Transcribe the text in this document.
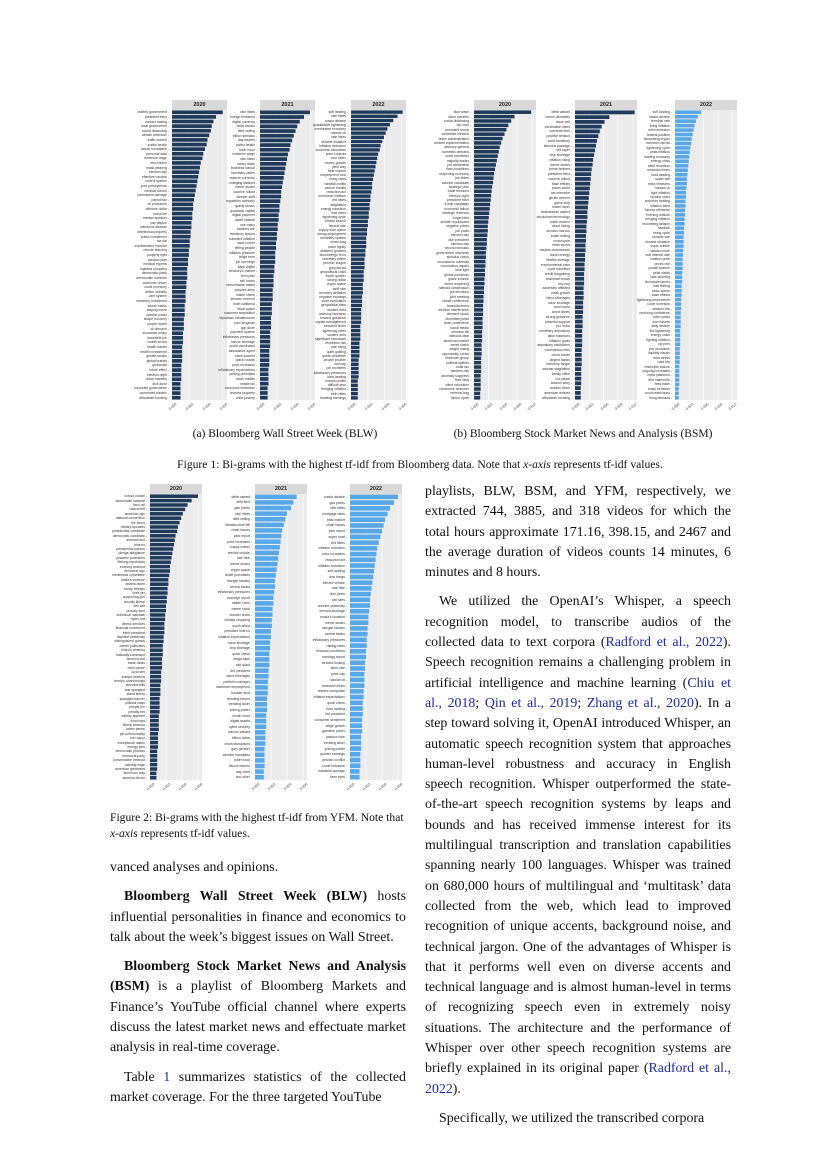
2020
drafted government -
president elect -
contact tracing -
local government -
social distancing -
african american -
traffic control -
public health -
virtual roundtable -
personal data -
minimum wage -
elect biden -
mask wearing -
election day -
effective vaccine -
control system -
york presbyterian -
medical school -
permanent damage -
payroll tax -
oil producers -
offshore dollar -
mona lee -
median speaker -
pay dayton -
infectious disease -
intellectual property -
public investment -
tax rial -
sophisticated investor -
remote learning -
property right -
pension plan -
medical experts -
logistics company -
democratic party -
democratic nominee -
customer driven -
covid economy -
airline industry -
care system -
cemetery monument -
sewer marks -
staying home -
special power -
shape recovery -
purple model -
oil demand -
insurance policy -
incredible job -
health sector -
health issues -
health investment -
growth stocks -
global brands -
global aid -
future effect -
election night -
dollar markets -
dick dunn -
corporate governance -
connected electric -
affordable housing -
0.000 0.002 0.004 0.006
2021
rate hikes -
foreign investors -
digital currency -
delta variant -
debt ceiling -
trillion stimulus -
day traders -
public health -
robin hood -
minimum wage -
rate hikes -
nancy davis -
business school -
secretary yellen -
reserve currency -
charging stations -
meme stocks -
vaccine rollout -
sleeper staff -
regulatory authority -
quality stocks -
quadratic capital -
digital payment -
david baskett -
use many -
bankers are -
transitory factors -
transient inflation -
save corner -
letting people -
inflation pressure -
ledge term -
job openings -
bank digital -
treasury's market -
term plan -
sell books -
ransomware attack -
peoples army -
maine check -
lehman moment -
hotel california -
fiscal space -
customer acquisition -
bipartisan infrastructure -
paul krugman -
app store -
payment system -
inflationary pressures -
labour shortage -
world vaccinated -
associative agent -
rates scarred -
quick rounds -
price increases -
inflationary expectations -
putting principles -
stock middle -
estate tax -
economic meltdown -
chinese property -
child poverty -
0.000 0.002 0.004 0.006
2022
soft landing -
rate hikes -
russia ukraine -
quantitative tightening -
overheated economy -
russian oil -
rate hikes -
ukraine situation -
inflation reduction -
economic slowdown -
price controls -
cost index -
money growth -
yield way -
bear market -
employment cost -
rising rates -
windfall profits -
carbon credits -
reduction act -
overcome inflation -
fed hikes -
stagflation -
energy transition -
hike rates -
tightening cycle -
ethical search -
neutral rate -
supply side option -
strong employment -
monetary system -
mixed bag -
lower tightly -
dividend growers -
bloomberg's ferro -
secretary yellen -
premier league -
greg farrow -
geopolitical crisis -
fourth quarter -
strong dollar -
crypto space -
tariff rate -
recovery deflation -
negative earnings -
chair inculcation -
geopolitical risks -
student debt -
advisory business -
forward guidance -
capital management -
turbulent times -
tightening rates -
student debt -
significant slowdown -
recession risk -
rate rising -
quiet quitting -
queen elizabeth -
people provide -
mid cap -
job moments -
inflationary pressures -
hard landing -
excess profits -
difficult year -
bringing inflation -
birth rates -
banking earnings -
0.000 0.002 0.004 0.006
2020
blue wave -
labor markets -
social distancing -
top card -
president trump -
contested election -
biden administration -
content implementation -
attorney general -
domestic demand -
covid pandemic -
majority leader -
joe weisenthal -
flash headlines -
reopening economy -
joe biden -
vaccine candidate -
strategic plan -
trade tensions -
election night -
president elect -
trump campaign -
economic fallout -
strategic reserves -
forget bets -
senate republicans -
negative prices -
job posts -
election day -
vice president -
election day -
second stimulus -
government response -
stimulus check -
coronavirus outbreak -
coronavirus impact -
blue light -
global pandemic -
grace trounce -
street reopening -
railroad commission -
pre elections -
joint meeting -
virtual conference -
financial terms -
election interference -
demand shock -
bloomberg lead -
chair conference -
social media -
stimulus bill -
stimulus deal -
american market -
smart check -
weight losing -
opportunity zones -
mailroom group -
political system -
solar tax -
bankers risk -
anomaly suppress -
floor deal -
silent resolution -
commerce chamber -
retrieval bag -
labour cycle -
0.000 0.003 0.006 0.009 0.012
2021
delta variant -
mmes ultimately -
issue cell -
vaccination rates -
overdraft fees -
positive tension -
word transitory -
stimulus package -
fed taper -
chip shortage -
inflation rising -
meme stocks -
prime brokers -
president elect -
vaccine rollout -
base effects -
prices world -
tax intensive -
gentle women -
game stop -
trader taper -
chairwoman waters -
blockchain technology -
black women -
direct listing -
senator marcus -
smart selling -
motorcycle -
retail sector -
median chairwoman -
travel energy -
flexible average -
environmental risks -
cycle transition -
credit bargaining -
chairman brown -
buy boy -
adversely affected -
peak growth -
labor shortages -
labor shortage -
wind move -
worst series -
strong guidance -
powerful support -
pro mora -
monetary depository -
labor balances -
inflation goals -
depository institutions -
commission fees -
china bonds -
largest banks -
inventory tangle -
secular stagnation -
family office -
cut pause -
auction story -
auction block -
american airlines -
affordable housing -
0.000 0.003 0.006 0.009 0.012
2022
soft landing -
russia ukraine -
terminal rate -
bring inflation -
mild recession -
federal position -
bloomberg crypto -
overshot narrow -
tightening cycle -
peak inflation -
leading economy -
energy crisis -
steel reduction -
recession fears -
hard landing -
super bell -
extra networks -
russian oil -
tight inflation -
ukraine crisis -
southern landing -
inflation fixed -
futures refinance -
evening outlook -
bringing inflation -
bloomberg tailspin -
hawkish -
rising cycle -
ukraine war -
ukraine situation -
super bubble -
russian crude -
real interest rate -
rotation price -
prices rise -
powell speech -
peak yields -
task aborting -
fed basket terms -
bad feeling -
sinks above -
base effects -
tightening instruments -
curve inversion -
session low -
restoring confidence -
nike cycles -
dow futures -
daily decline -
fed tightening -
energy costs -
fighting inflation -
cpi print -
yoy announce -
liquidity issues -
fund stress -
road trip -
restrictive stance -
ongoing increases -
meta platforms -
flea mammoth -
feed trade -
crazy behavior -
covid restrictions -
bring demand -
0.000 0.003 0.006 0.009 0.012
(a) Bloomberg Wall Street Week (BLW)	(b) Bloomberg Stock Market News and Analysis (BSM)
Figure 1: Bi-grams with the highest tf-idf from Bloomberg data. Note that x-axis represents tf-idf values.
2020
school choice -
democratic national -
fact-i-ell -
radical left -
american dgc -
national convention -
tile floors -
military spouses -
presidential candidate -
democratic candidate -
america and -
biden's -
presidential pardon -
pledge allegiance -
peaceful protesters -
lifelong republican -
evening america -
democrat wyc -
credentials committee -
antifa's violence -
obama biden -
trump betrays -
lines yer -
supporting join -
socially liberal -
sell salt -
proudly sent -
individual mandate -
hydro fort -
illness services -
financial movement -
elect president -
disinfect yesterday -
distinguished guests -
career politicians -
biden's america -
basically command -
america lost -
trade deals -
mike pence -
loyal sen -
trumps america -
trump's unanimously -
stimulus bills -
war spangled -
stand liberty -
spangled banner -
political class -
people jen -
penalty tier -
military appears -
local trips -
liberal america -
karen pence -
job unfortunately -
iron vapor -
exceptional nation -
energy jobs -
democratic process -
democrat party -
conservative america -
calming edge -
american greatness -
america's way -
america dinner -
0.000 0.002 0.004 0.006
2021
delta variant -
debt limit -
gas prices -
rate hikes -
debt ceiling -
infrastructure bill -
chain issues -
jobs report -
price increases -
happy maker -
electric vehicle -
rate hike -
meme stocks -
crypto space -
asset purchases -
morgan stanley -
central banks -
inflationary pressures -
earnings report -
stable coins -
meme stock -
booster shots -
holiday shopping -
south africa -
president biden's -
inflation expectations -
labor shortage -
chip shortage -
quick check -
mega caps -
mid quick -
fed president -
labor shortages -
portfolio manager -
maximum employment -
booster shot -
trending tickers -
trending ticker -
pricing power -
month chart -
digital assets -
cyber security -
unicorn variant -
trillion dollar -
chain disruptions -
gary gensler -
vaccine mandates -
robin hood -
bitcoin futures -
day chart -
two other -
0.000 0.002 0.004 0.006
2022
russia ukraine -
gas prices -
rate hikes -
mortgage rates -
bear market -
chain issues -
jobs report -
super bowl -
fed hikes -
inflation reduction -
price increases -
reduction act -
inflation reduction -
soft landing -
dow things -
electric vehicle -
rate hike -
dow jones -
sell sites -
shorted yesterday -
formula shortage -
russia's invasion -
meme stocks -
morgan stanley -
central banks -
inflationary pressures -
raising rates -
financial conditions -
earnings report -
forward-looking -
labor rate -
price cap -
russian oil -
recession fears -
residex composite -
inflation expectations -
quick check -
hard landing -
fed president -
consumer sentiment -
wage growth -
gasoline prices -
jackson hole -
trending ticker -
pricing power -
quarter earnings -
peloton conflict -
crude industrial -
industrial average -
bear eyes -
0.000 0.002 0.004 0.006
Figure 2: Bi-grams with the highest tf-idf from YFM. Note that x-axis represents tf-idf values.

vanced analyses and opinions.

Bloomberg Wall Street Week (BLW) hosts influential personalities in finance and economics to talk about the week’s biggest issues on Wall Street.

Bloomberg Stock Market News and Analysis (BSM) is a playlist of Bloomberg Markets and Finance’s YouTube official channel where experts discuss the latest market news and effectuate market analysis in real-time coverage.

Table 1 summarizes statistics of the collected market coverage. For the three targeted YouTube

playlists, BLW, BSM, and YFM, respectively, we extracted 744, 3885, and 318 videos for which the total hours approximate 171.16, 398.15, and 2467 and the average duration of videos counts 14 minutes, 6 minutes and 8 hours.

We utilized the OpenAI’s Whisper, a speech recognition model, to transcribe audios of the collected data to text corpora (Radford et al., 2022). Speech recognition remains a challenging problem in artificial intelligence and machine learning (Chiu et al., 2018; Qin et al., 2019; Zhang et al., 2020). In a step toward solving it, OpenAI introduced Whisper, an automatic speech recognition system that approaches human-level robustness and accuracy in English speech recognition. Whisper outperformed the state-of-the-art speech recognition systems by leaps and bounds and has received immense interest for its multilingual transcription and translation capabilities spanning nearly 100 languages. Whisper was trained on 680,000 hours of multilingual and ‘multitask’ data collected from the web, which lead to improved recognition of unique accents, background noise, and technical jargon. One of the advantages of Whisper is that it performs well even on diverse accents and technical language and is almost human-level in terms of recognizing speech even in extremely noisy situations. The architecture and the performance of Whisper over other speech recognition systems are briefly explained in its original paper (Radford et al., 2022).

Specifically, we utilized the transcribed corpora
